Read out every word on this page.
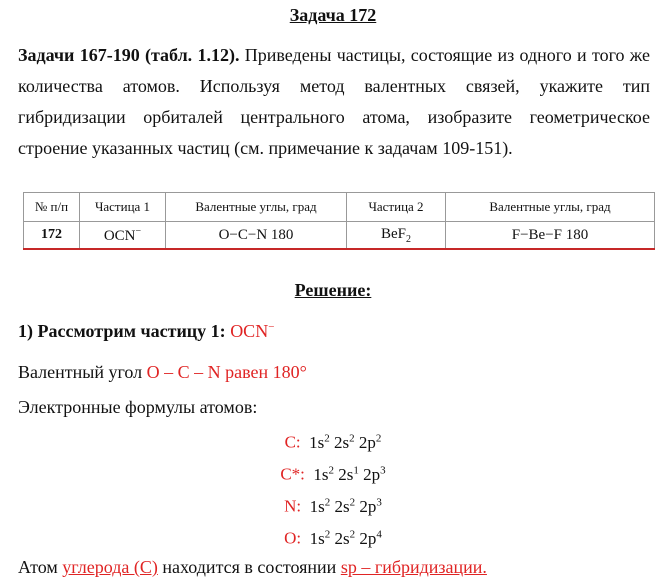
Задача 172
Задачи 167-190 (табл. 1.12). Приведены частицы, состоящие из одного и того же количества атомов. Используя метод валентных связей, укажите тип гибридизации орбиталей центрального атома, изобразите геометрическое строение указанных частиц (см. примечание к задачам 109-151).
№ п/п	Частица 1	Валентные углы, град	Частица 2	Валентные углы, град
172	OCN−	O−C−N 180	BeF$_2$	F−Be−F 180
Решение:
1) Рассмотрим частицу 1: OCN−
Валентный угол O – C – N равен 180°
Электронные формулы атомов:
C: $1s^2$ $2s^2$ $2p^2$
C*: $1s^2$ $2s^1$ $2p^3$
N: $1s^2$ $2s^2$ $2p^3$
O: $1s^2$ $2s^2$ $2p^4$
Атом углерода (C) находится в состоянии sp – гибридизации.
